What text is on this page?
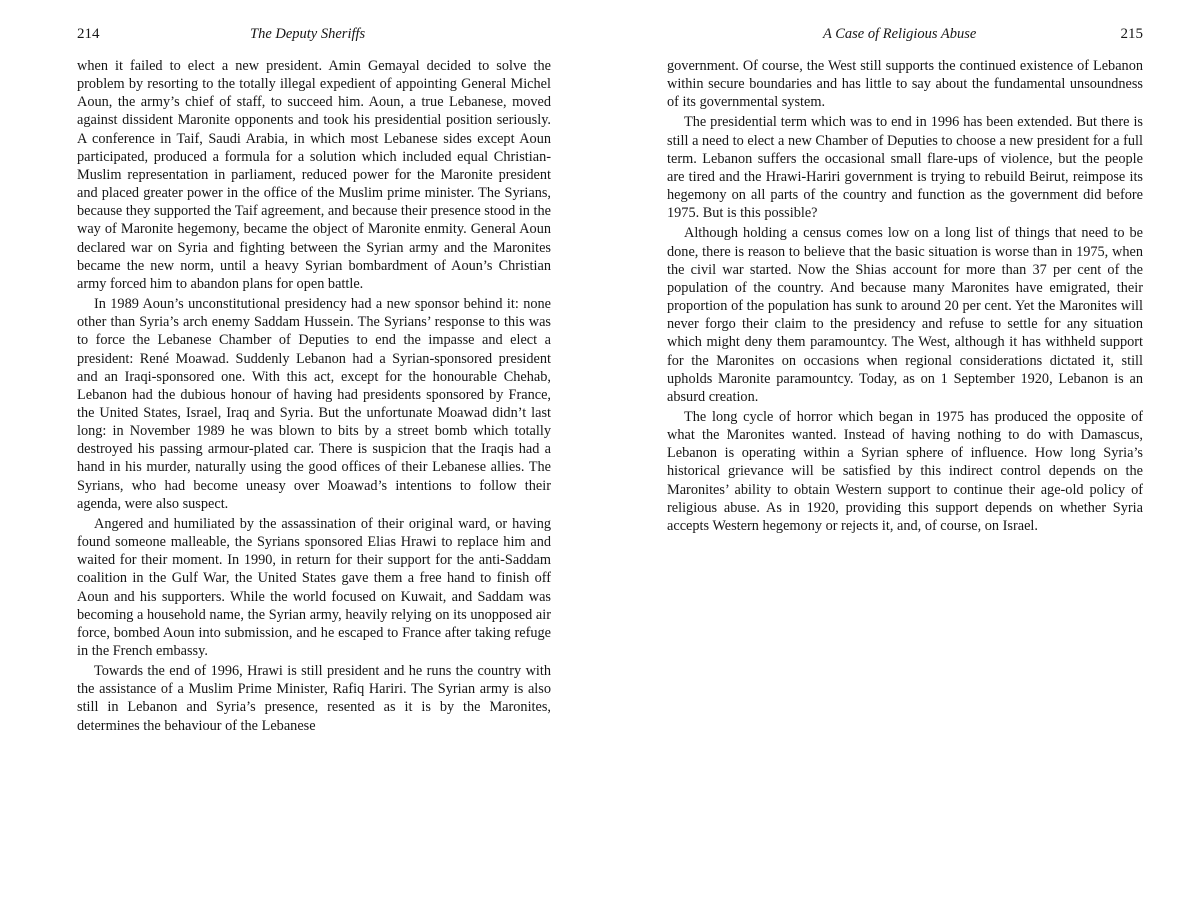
214	The Deputy Sheriffs

when it failed to elect a new president. Amin Gemayal decided to solve the problem by resorting to the totally illegal expedient of appointing General Michel Aoun, the army’s chief of staff, to succeed him. Aoun, a true Lebanese, moved against dissident Maronite opponents and took his presidential position seriously. A conference in Taif, Saudi Arabia, in which most Lebanese sides except Aoun participated, produced a formula for a solution which included equal Christian-Muslim representation in parliament, reduced power for the Maronite president and placed greater power in the office of the Muslim prime minister. The Syrians, because they supported the Taif agreement, and because their presence stood in the way of Maronite hegemony, became the object of Maronite enmity. General Aoun declared war on Syria and fighting between the Syrian army and the Maronites became the new norm, until a heavy Syrian bombardment of Aoun’s Christian army forced him to abandon plans for open battle.

In 1989 Aoun’s unconstitutional presidency had a new sponsor behind it: none other than Syria’s arch enemy Saddam Hussein. The Syrians’ response to this was to force the Lebanese Chamber of Deputies to end the impasse and elect a president: René Moawad. Suddenly Lebanon had a Syrian-sponsored president and an Iraqi-sponsored one. With this act, except for the honourable Chehab, Lebanon had the dubious honour of having had presidents sponsored by France, the United States, Israel, Iraq and Syria. But the unfortunate Moawad didn’t last long: in November 1989 he was blown to bits by a street bomb which totally destroyed his passing armour-plated car. There is suspicion that the Iraqis had a hand in his murder, naturally using the good offices of their Lebanese allies. The Syrians, who had become uneasy over Moawad’s intentions to follow their agenda, were also suspect.

Angered and humiliated by the assassination of their original ward, or having found someone malleable, the Syrians sponsored Elias Hrawi to replace him and waited for their moment. In 1990, in return for their support for the anti-Saddam coalition in the Gulf War, the United States gave them a free hand to finish off Aoun and his supporters. While the world focused on Kuwait, and Saddam was becoming a household name, the Syrian army, heavily relying on its unopposed air force, bombed Aoun into submission, and he escaped to France after taking refuge in the French embassy.

Towards the end of 1996, Hrawi is still president and he runs the country with the assistance of a Muslim Prime Minister, Rafiq Hariri. The Syrian army is also still in Lebanon and Syria’s presence, resented as it is by the Maronites, determines the behaviour of the Lebanese

A Case of Religious Abuse	215

government. Of course, the West still supports the continued existence of Lebanon within secure boundaries and has little to say about the fundamental unsoundness of its governmental system.

The presidential term which was to end in 1996 has been extended. But there is still a need to elect a new Chamber of Deputies to choose a new president for a full term. Lebanon suffers the occasional small flare-ups of violence, but the people are tired and the Hrawi-Hariri government is trying to rebuild Beirut, reimpose its hegemony on all parts of the country and function as the government did before 1975. But is this possible?

Although holding a census comes low on a long list of things that need to be done, there is reason to believe that the basic situation is worse than in 1975, when the civil war started. Now the Shias account for more than 37 per cent of the population of the country. And because many Maronites have emigrated, their proportion of the population has sunk to around 20 per cent. Yet the Maronites will never forgo their claim to the presidency and refuse to settle for any situation which might deny them paramountcy. The West, although it has withheld support for the Maronites on occasions when regional considerations dictated it, still upholds Maronite paramountcy. Today, as on 1 September 1920, Lebanon is an absurd creation.

The long cycle of horror which began in 1975 has produced the opposite of what the Maronites wanted. Instead of having nothing to do with Damascus, Lebanon is operating within a Syrian sphere of influence. How long Syria’s historical grievance will be satisfied by this indirect control depends on the Maronites’ ability to obtain Western support to continue their age-old policy of religious abuse. As in 1920, providing this support depends on whether Syria accepts Western hegemony or rejects it, and, of course, on Israel.
